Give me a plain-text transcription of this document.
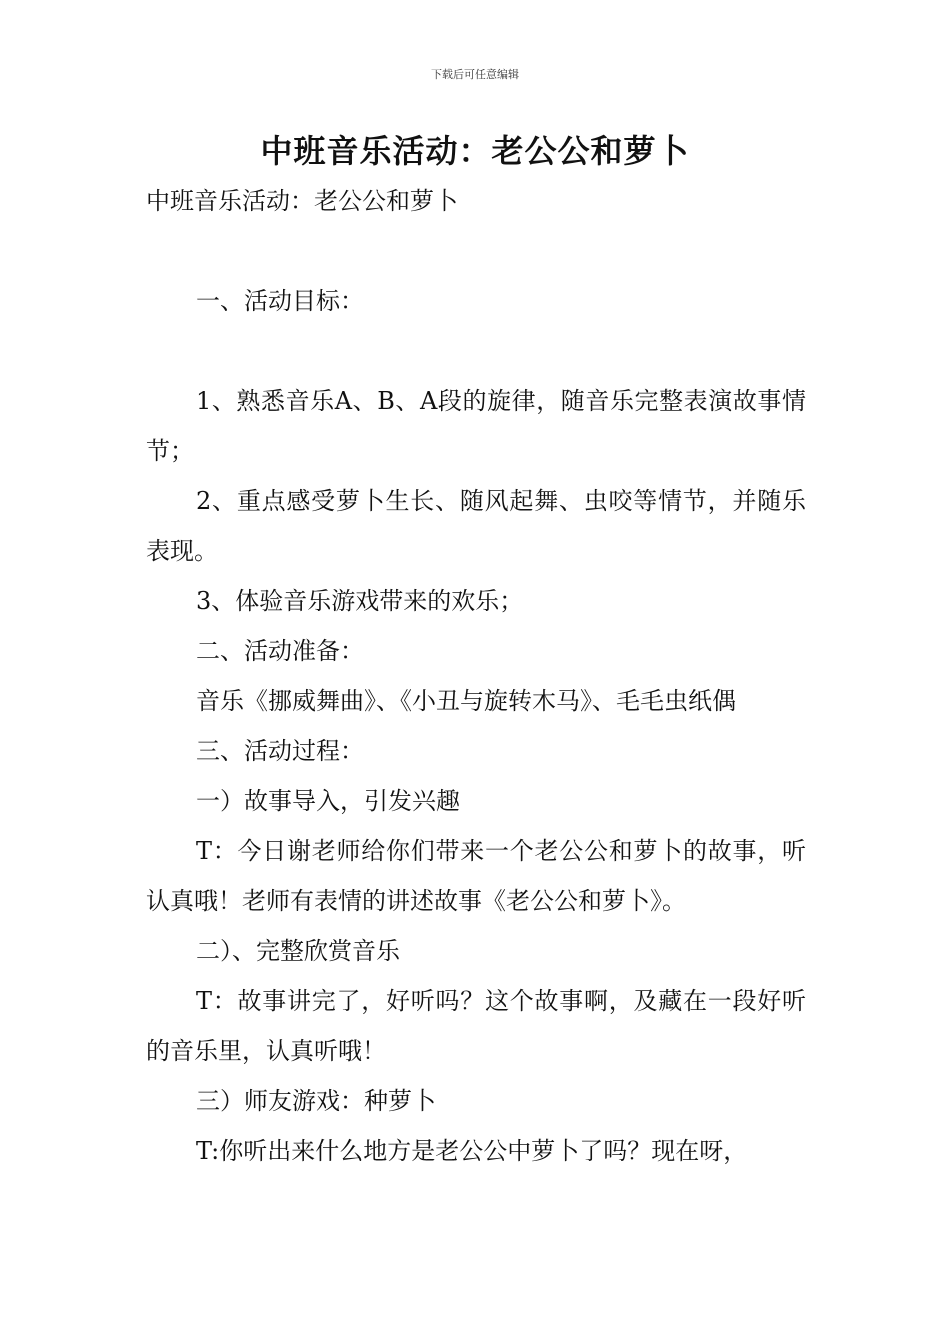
下载后可任意编辑
中班音乐活动：老公公和萝卜

中班音乐活动：老公公和萝卜

一、活动目标：

1、熟悉音乐A、B、A段的旋律，随音乐完整表演故事情节；

2、重点感受萝卜生长、随风起舞、虫咬等情节，并随乐表现。

3、体验音乐游戏带来的欢乐；

二、活动准备：

音乐《挪威舞曲》、《小丑与旋转木马》、毛毛虫纸偶

三、活动过程：

一）故事导入，引发兴趣

T：今日谢老师给你们带来一个老公公和萝卜的故事，听认真哦！老师有表情的讲述故事《老公公和萝卜》。

二）、完整欣赏音乐

T：故事讲完了，好听吗？这个故事啊，及藏在一段好听的音乐里，认真听哦！

三）师友游戏：种萝卜

T:你听出来什么地方是老公公中萝卜了吗？现在呀，
